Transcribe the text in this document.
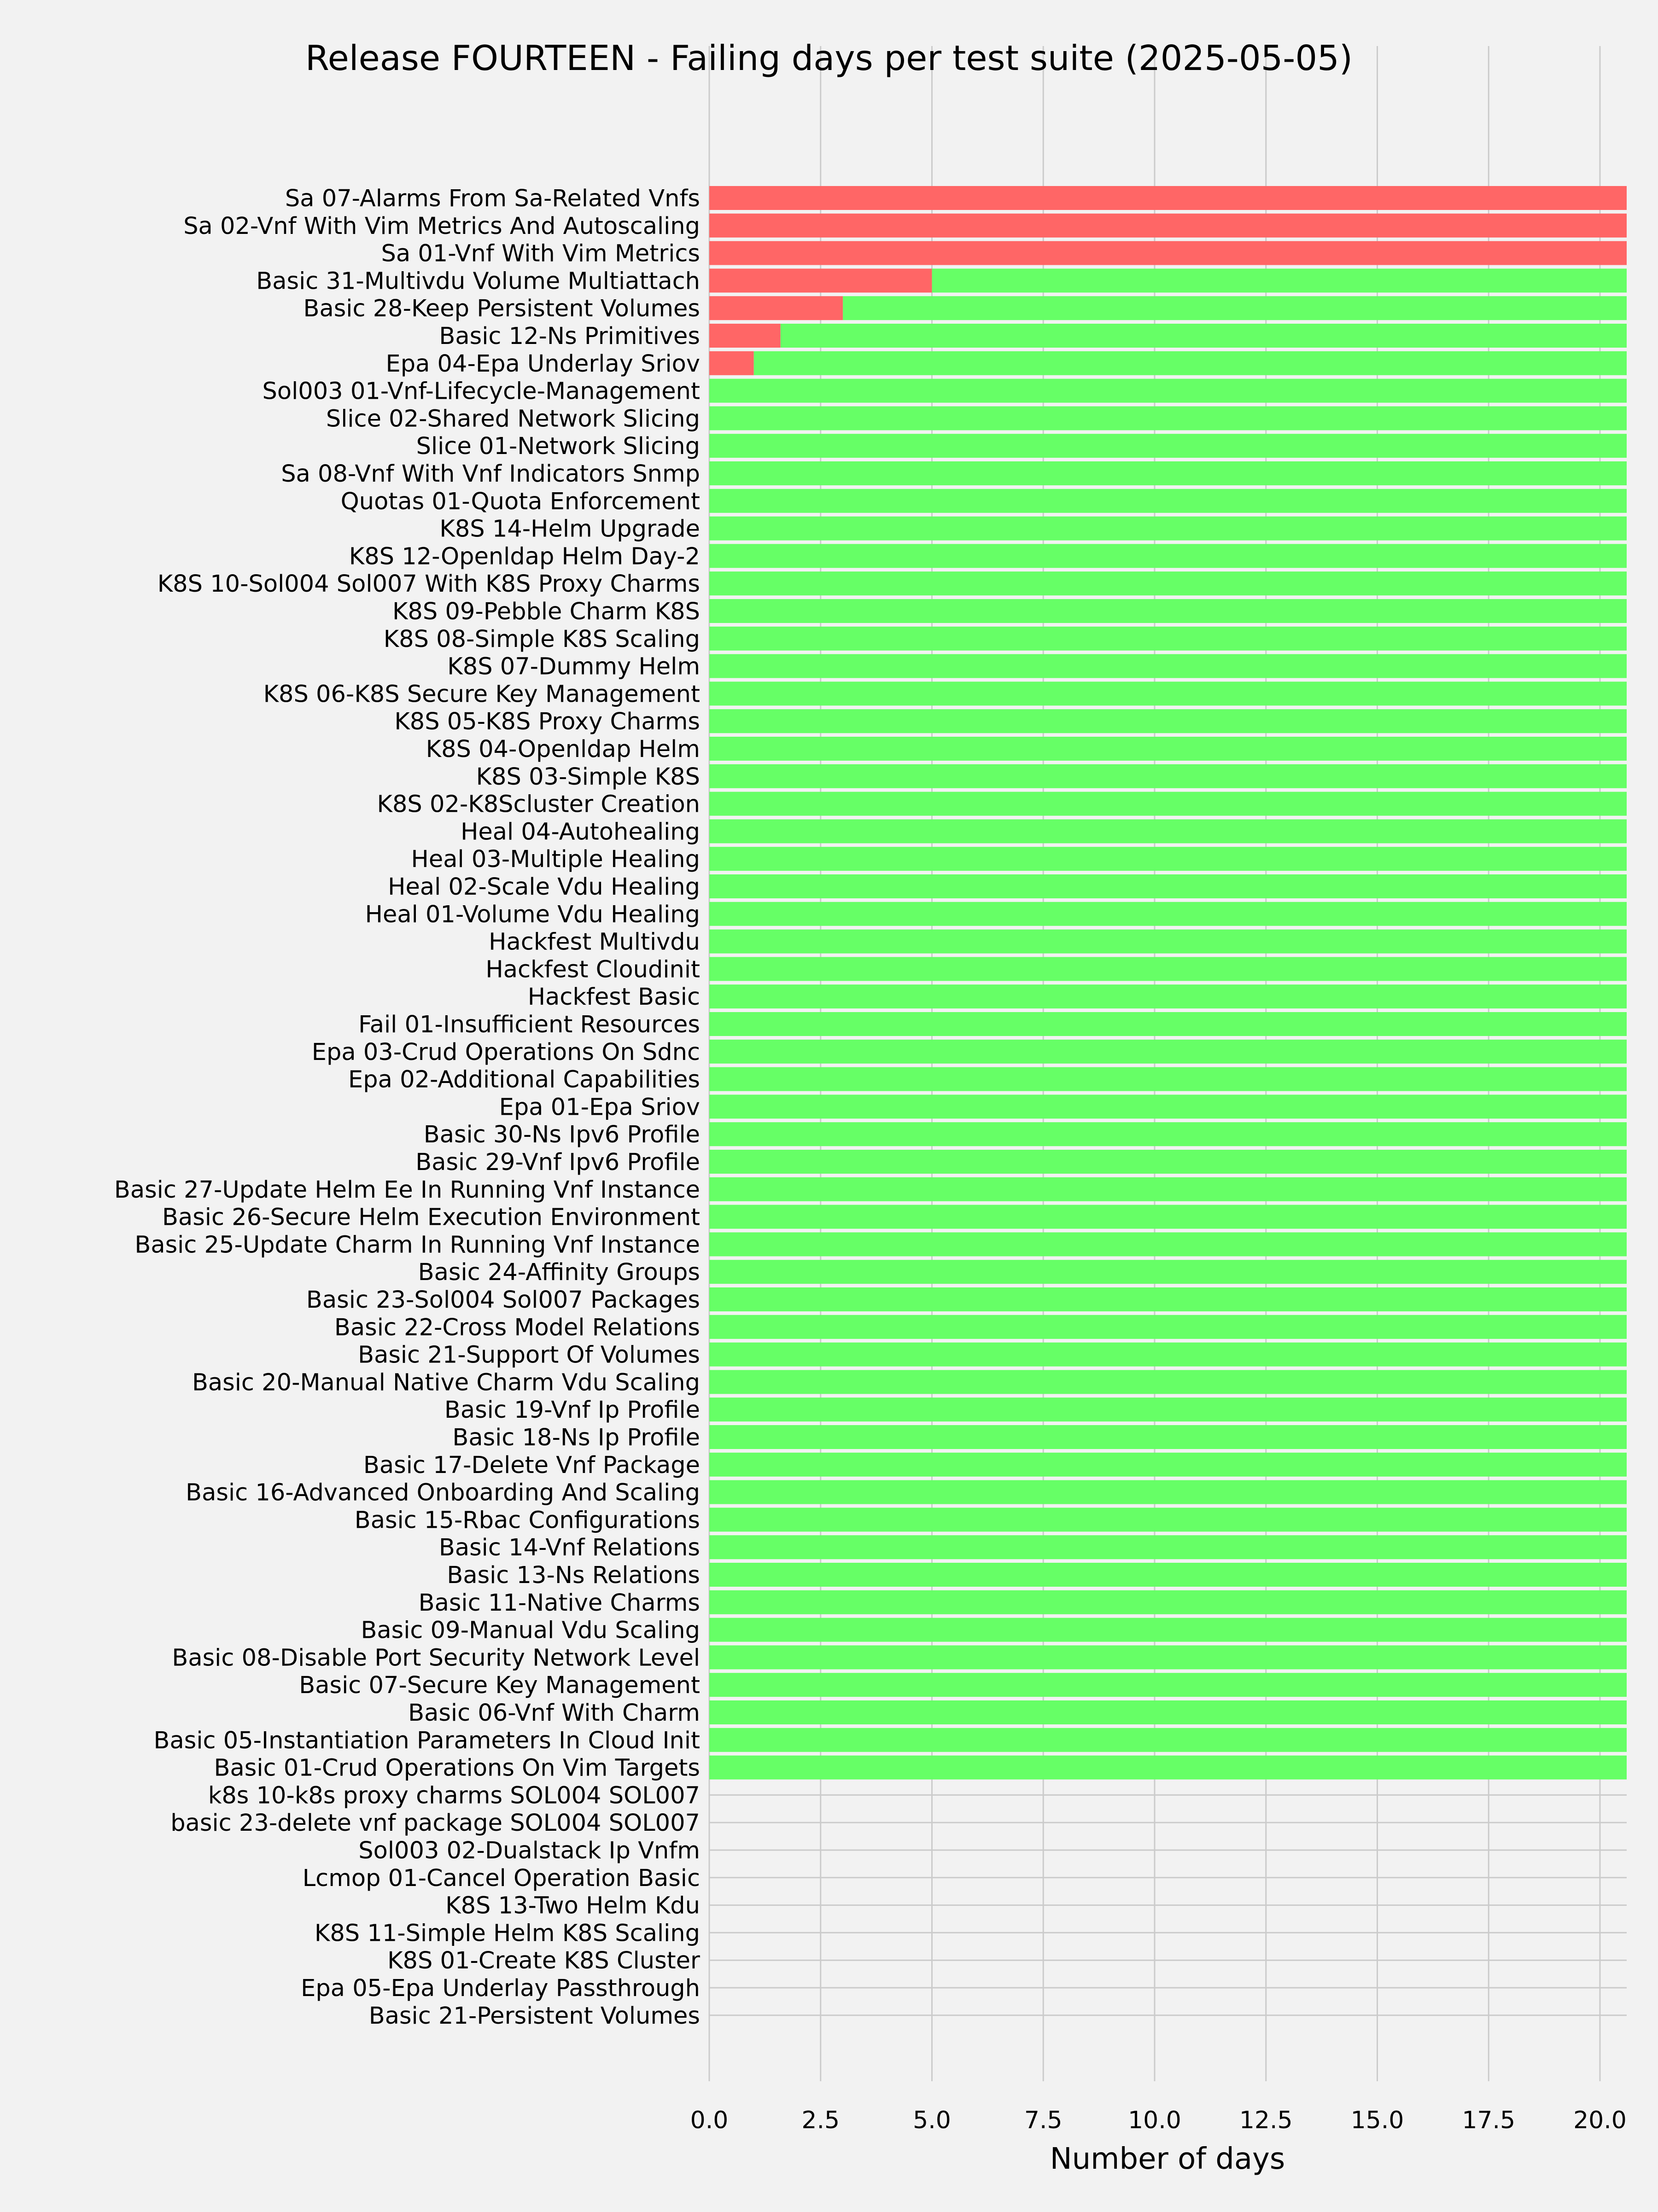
Sa 07-Alarms From Sa-Related Vnfs
Sa 02-Vnf With Vim Metrics And Autoscaling
Sa 01-Vnf With Vim Metrics
Basic 31-Multivdu Volume Multiattach
Basic 28-Keep Persistent Volumes
Basic 12-Ns Primitives
Epa 04-Epa Underlay Sriov
Sol003 01-Vnf-Lifecycle-Management
Slice 02-Shared Network Slicing
Slice 01-Network Slicing
Sa 08-Vnf With Vnf Indicators Snmp
Quotas 01-Quota Enforcement
K8S 14-Helm Upgrade
K8S 12-Openldap Helm Day-2
K8S 10-Sol004 Sol007 With K8S Proxy Charms
K8S 09-Pebble Charm K8S
K8S 08-Simple K8S Scaling
K8S 07-Dummy Helm
K8S 06-K8S Secure Key Management
K8S 05-K8S Proxy Charms
K8S 04-Openldap Helm
K8S 03-Simple K8S
K8S 02-K8Scluster Creation
Heal 04-Autohealing
Heal 03-Multiple Healing
Heal 02-Scale Vdu Healing
Heal 01-Volume Vdu Healing
Hackfest Multivdu
Hackfest Cloudinit
Hackfest Basic
Fail 01-Insufficient Resources
Epa 03-Crud Operations On Sdnc
Epa 02-Additional Capabilities
Epa 01-Epa Sriov
Basic 30-Ns Ipv6 Profile
Basic 29-Vnf Ipv6 Profile
Basic 27-Update Helm Ee In Running Vnf Instance
Basic 26-Secure Helm Execution Environment
Basic 25-Update Charm In Running Vnf Instance
Basic 24-Affinity Groups
Basic 23-Sol004 Sol007 Packages
Basic 22-Cross Model Relations
Basic 21-Support Of Volumes
Basic 20-Manual Native Charm Vdu Scaling
Basic 19-Vnf Ip Profile
Basic 18-Ns Ip Profile
Basic 17-Delete Vnf Package
Basic 16-Advanced Onboarding And Scaling
Basic 15-Rbac Configurations
Basic 14-Vnf Relations
Basic 13-Ns Relations
Basic 11-Native Charms
Basic 09-Manual Vdu Scaling
Basic 08-Disable Port Security Network Level
Basic 07-Secure Key Management
Basic 06-Vnf With Charm
Basic 05-Instantiation Parameters In Cloud Init
Basic 01-Crud Operations On Vim Targets
k8s 10-k8s proxy charms SOL004 SOL007
basic 23-delete vnf package SOL004 SOL007
Sol003 02-Dualstack Ip Vnfm
Lcmop 01-Cancel Operation Basic
K8S 13-Two Helm Kdu
K8S 11-Simple Helm K8S Scaling
K8S 01-Create K8S Cluster
Epa 05-Epa Underlay Passthrough
Basic 21-Persistent Volumes
0.0	2.5	5.0	7.5	10.0 12.5 15.0 17.5 20.0
Release FOURTEEN - Failing days per test suite (2025-05-05)
Number of days
